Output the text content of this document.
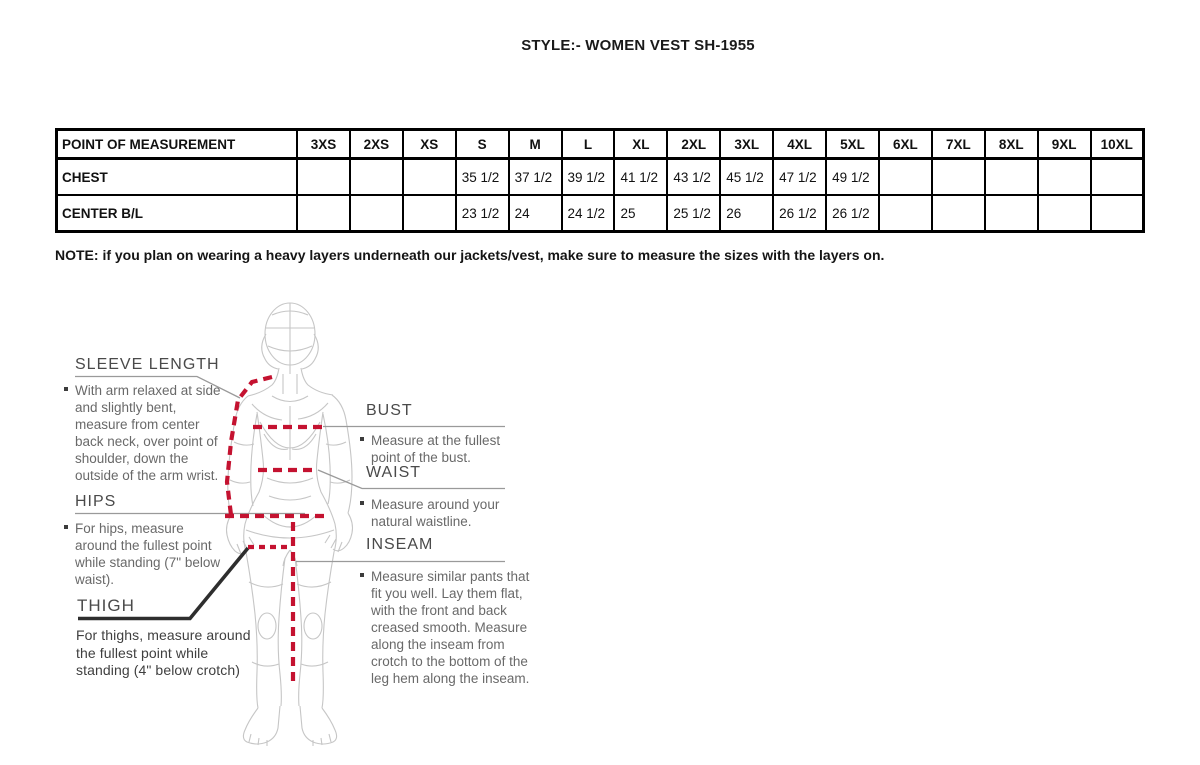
STYLE:- WOMEN VEST SH-1955
POINT OF MEASUREMENT	3XS	2XS	XS	S	M	L	XL	2XL	3XL	4XL	5XL	6XL	7XL	8XL	9XL	10XL
CHEST				35 1/2	37 1/2	39 1/2	41 1/2	43 1/2	45 1/2	47 1/2	49 1/2					
CENTER B/L				23 1/2	24	24 1/2	25	25 1/2	26	26 1/2	26 1/2					
NOTE: if you plan on wearing a heavy layers underneath our jackets/vest, make sure to measure the sizes with the layers on.
SLEEVE LENGTH
With arm relaxed at side and slightly bent, measure from center back neck, over point of shoulder, down the outside of the arm wrist.
HIPS
For hips, measure around the fullest point while standing (7" below waist).
THIGH
For thighs, measure around the fullest point while standing (4" below crotch)
BUST
Measure at the fullest point of the bust.
WAIST
Measure around your natural waistline.
INSEAM
Measure similar pants that fit you well. Lay them flat, with the front and back creased smooth. Measure along the inseam from crotch to the bottom of the leg hem along the inseam.
